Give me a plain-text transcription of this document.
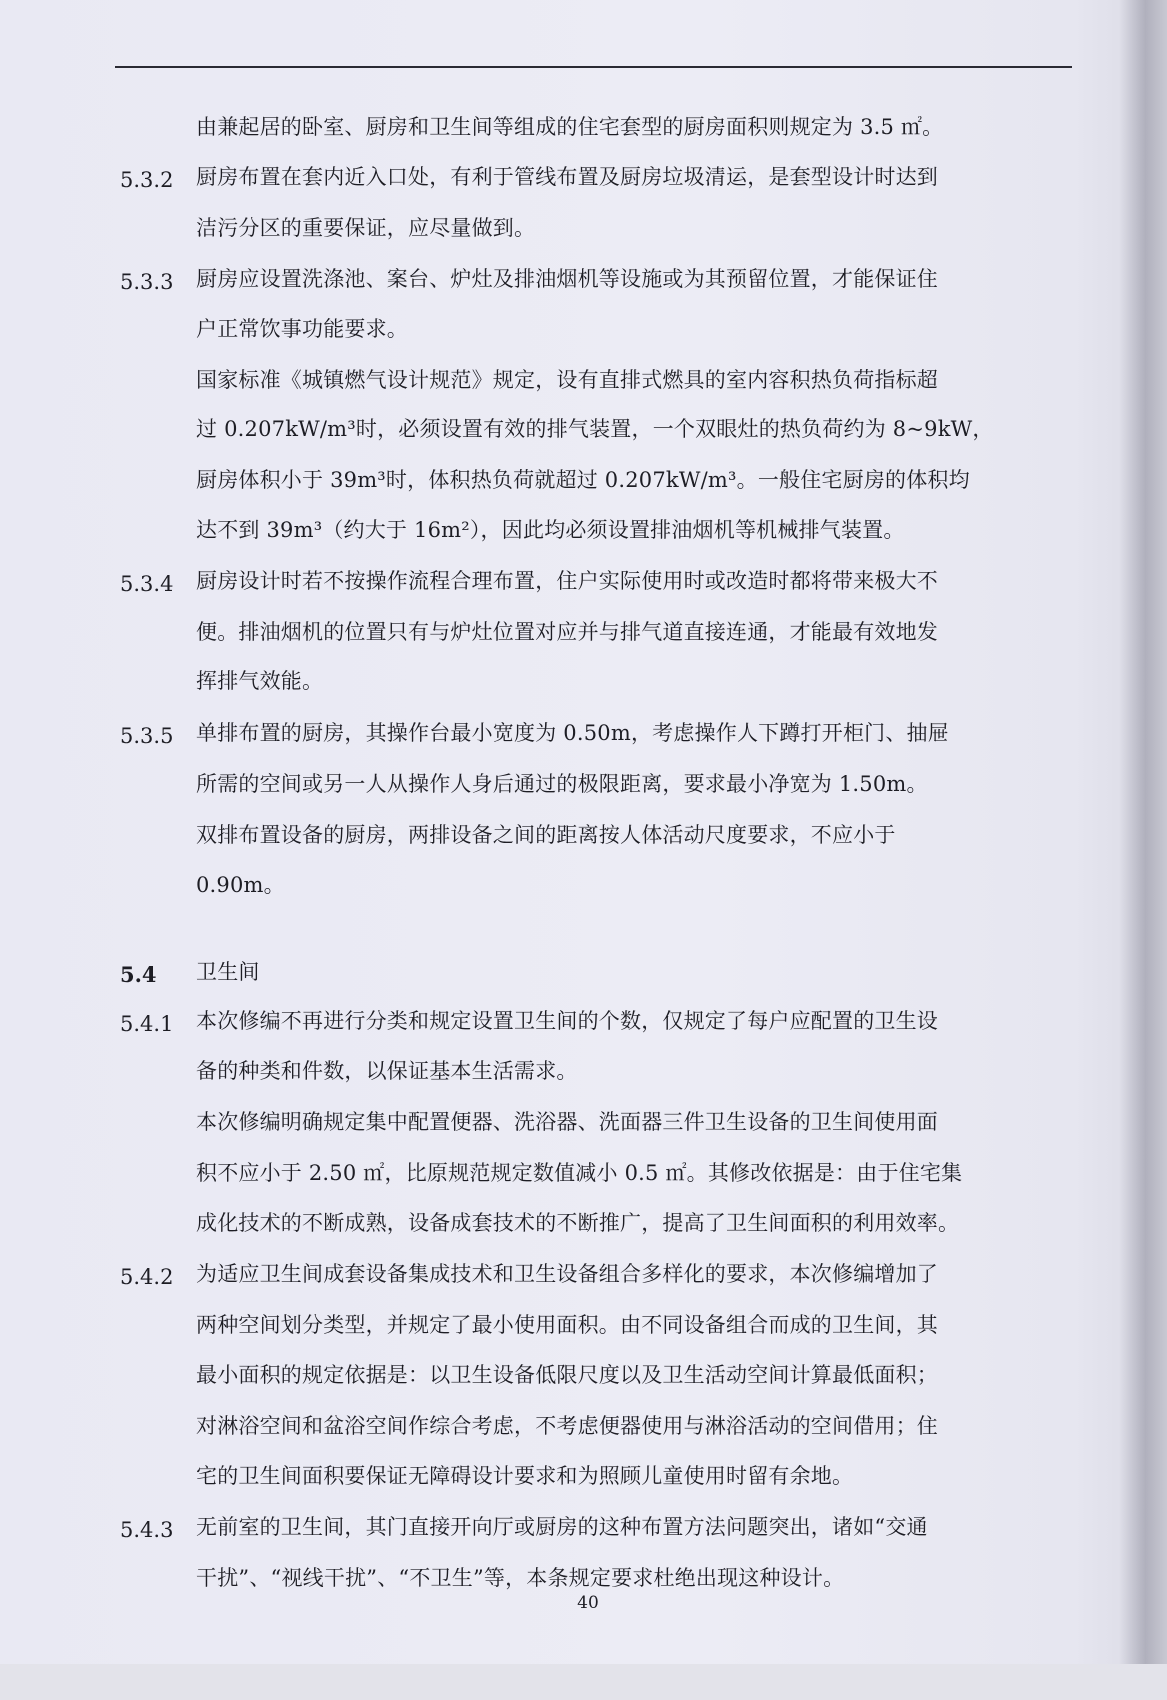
由兼起居的卧室、厨房和卫生间等组成的住宅套型的厨房面积则规定为 3.5 ㎡。
5.3.2 厨房布置在套内近入口处，有利于管线布置及厨房垃圾清运，是套型设计时达到
洁污分区的重要保证，应尽量做到。
5.3.3 厨房应设置洗涤池、案台、炉灶及排油烟机等设施或为其预留位置，才能保证住
户正常饮事功能要求。
国家标准《城镇燃气设计规范》规定，设有直排式燃具的室内容积热负荷指标超
过 0.207kW/m³时，必须设置有效的排气装置，一个双眼灶的热负荷约为 8~9kW，
厨房体积小于 39m³时，体积热负荷就超过 0.207kW/m³。一般住宅厨房的体积均
达不到 39m³（约大于 16m²），因此均必须设置排油烟机等机械排气装置。
5.3.4 厨房设计时若不按操作流程合理布置，住户实际使用时或改造时都将带来极大不
便。排油烟机的位置只有与炉灶位置对应并与排气道直接连通，才能最有效地发
挥排气效能。
5.3.5 单排布置的厨房，其操作台最小宽度为 0.50m，考虑操作人下蹲打开柜门、抽屉
所需的空间或另一人从操作人身后通过的极限距离，要求最小净宽为 1.50m。
双排布置设备的厨房，两排设备之间的距离按人体活动尺度要求，不应小于
0.90m。
5.4 卫生间
5.4.1 本次修编不再进行分类和规定设置卫生间的个数，仅规定了每户应配置的卫生设
备的种类和件数，以保证基本生活需求。
本次修编明确规定集中配置便器、洗浴器、洗面器三件卫生设备的卫生间使用面
积不应小于 2.50 ㎡，比原规范规定数值减小 0.5 ㎡。其修改依据是：由于住宅集
成化技术的不断成熟，设备成套技术的不断推广，提高了卫生间面积的利用效率。
5.4.2 为适应卫生间成套设备集成技术和卫生设备组合多样化的要求，本次修编增加了
两种空间划分类型，并规定了最小使用面积。由不同设备组合而成的卫生间，其
最小面积的规定依据是：以卫生设备低限尺度以及卫生活动空间计算最低面积；
对淋浴空间和盆浴空间作综合考虑，不考虑便器使用与淋浴活动的空间借用；住
宅的卫生间面积要保证无障碍设计要求和为照顾儿童使用时留有余地。
5.4.3 无前室的卫生间，其门直接开向厅或厨房的这种布置方法问题突出，诸如“交通
干扰”、“视线干扰”、“不卫生”等，本条规定要求杜绝出现这种设计。
40
